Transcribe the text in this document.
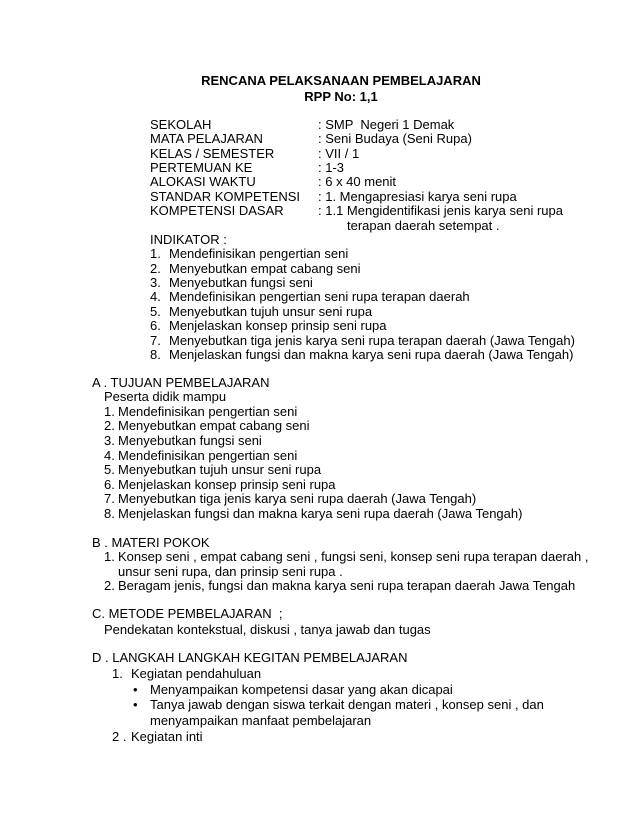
RENCANA PELAKSANAAN PEMBELAJARAN
RPP No: 1,1
SEKOLAH	: SMP  Negeri 1 Demak
MATA PELAJARAN	: Seni Budaya (Seni Rupa)
KELAS / SEMESTER	: VII / 1
PERTEMUAN KE	: 1-3
ALOKASI WAKTU	: 6 x 40 menit
STANDAR KOMPETENSI	: 1. Mengapresiasi karya seni rupa
KOMPETENSI DASAR	: 1.1 Mengidentifikasi jenis karya seni rupa
terapan daerah setempat .
INDIKATOR :
1. Mendefinisikan pengertian seni
2. Menyebutkan empat cabang seni
3. Menyebutkan fungsi seni
4. Mendefinisikan pengertian seni rupa terapan daerah
5. Menyebutkan tujuh unsur seni rupa
6. Menjelaskan konsep prinsip seni rupa
7. Menyebutkan tiga jenis karya seni rupa terapan daerah (Jawa Tengah)
8. Menjelaskan fungsi dan makna karya seni rupa daerah (Jawa Tengah)
A . TUJUAN PEMBELAJARAN
Peserta didik mampu
1. Mendefinisikan pengertian seni
2. Menyebutkan empat cabang seni
3. Menyebutkan fungsi seni
4. Mendefinisikan pengertian seni
5. Menyebutkan tujuh unsur seni rupa
6. Menjelaskan konsep prinsip seni rupa
7. Menyebutkan tiga jenis karya seni rupa daerah (Jawa Tengah)
8. Menjelaskan fungsi dan makna karya seni rupa daerah (Jawa Tengah)
B . MATERI POKOK
1. Konsep seni , empat cabang seni , fungsi seni, konsep seni rupa terapan daerah ,
unsur seni rupa, dan prinsip seni rupa .
2. Beragam jenis, fungsi dan makna karya seni rupa terapan daerah Jawa Tengah
C. METODE PEMBELAJARAN  ;
Pendekatan kontekstual, diskusi , tanya jawab dan tugas
D . LANGKAH LANGKAH KEGITAN PEMBELAJARAN
1. Kegiatan pendahuluan
• Menyampaikan kompetensi dasar yang akan dicapai
• Tanya jawab dengan siswa terkait dengan materi , konsep seni , dan
menyampaikan manfaat pembelajaran
2 . Kegiatan inti
